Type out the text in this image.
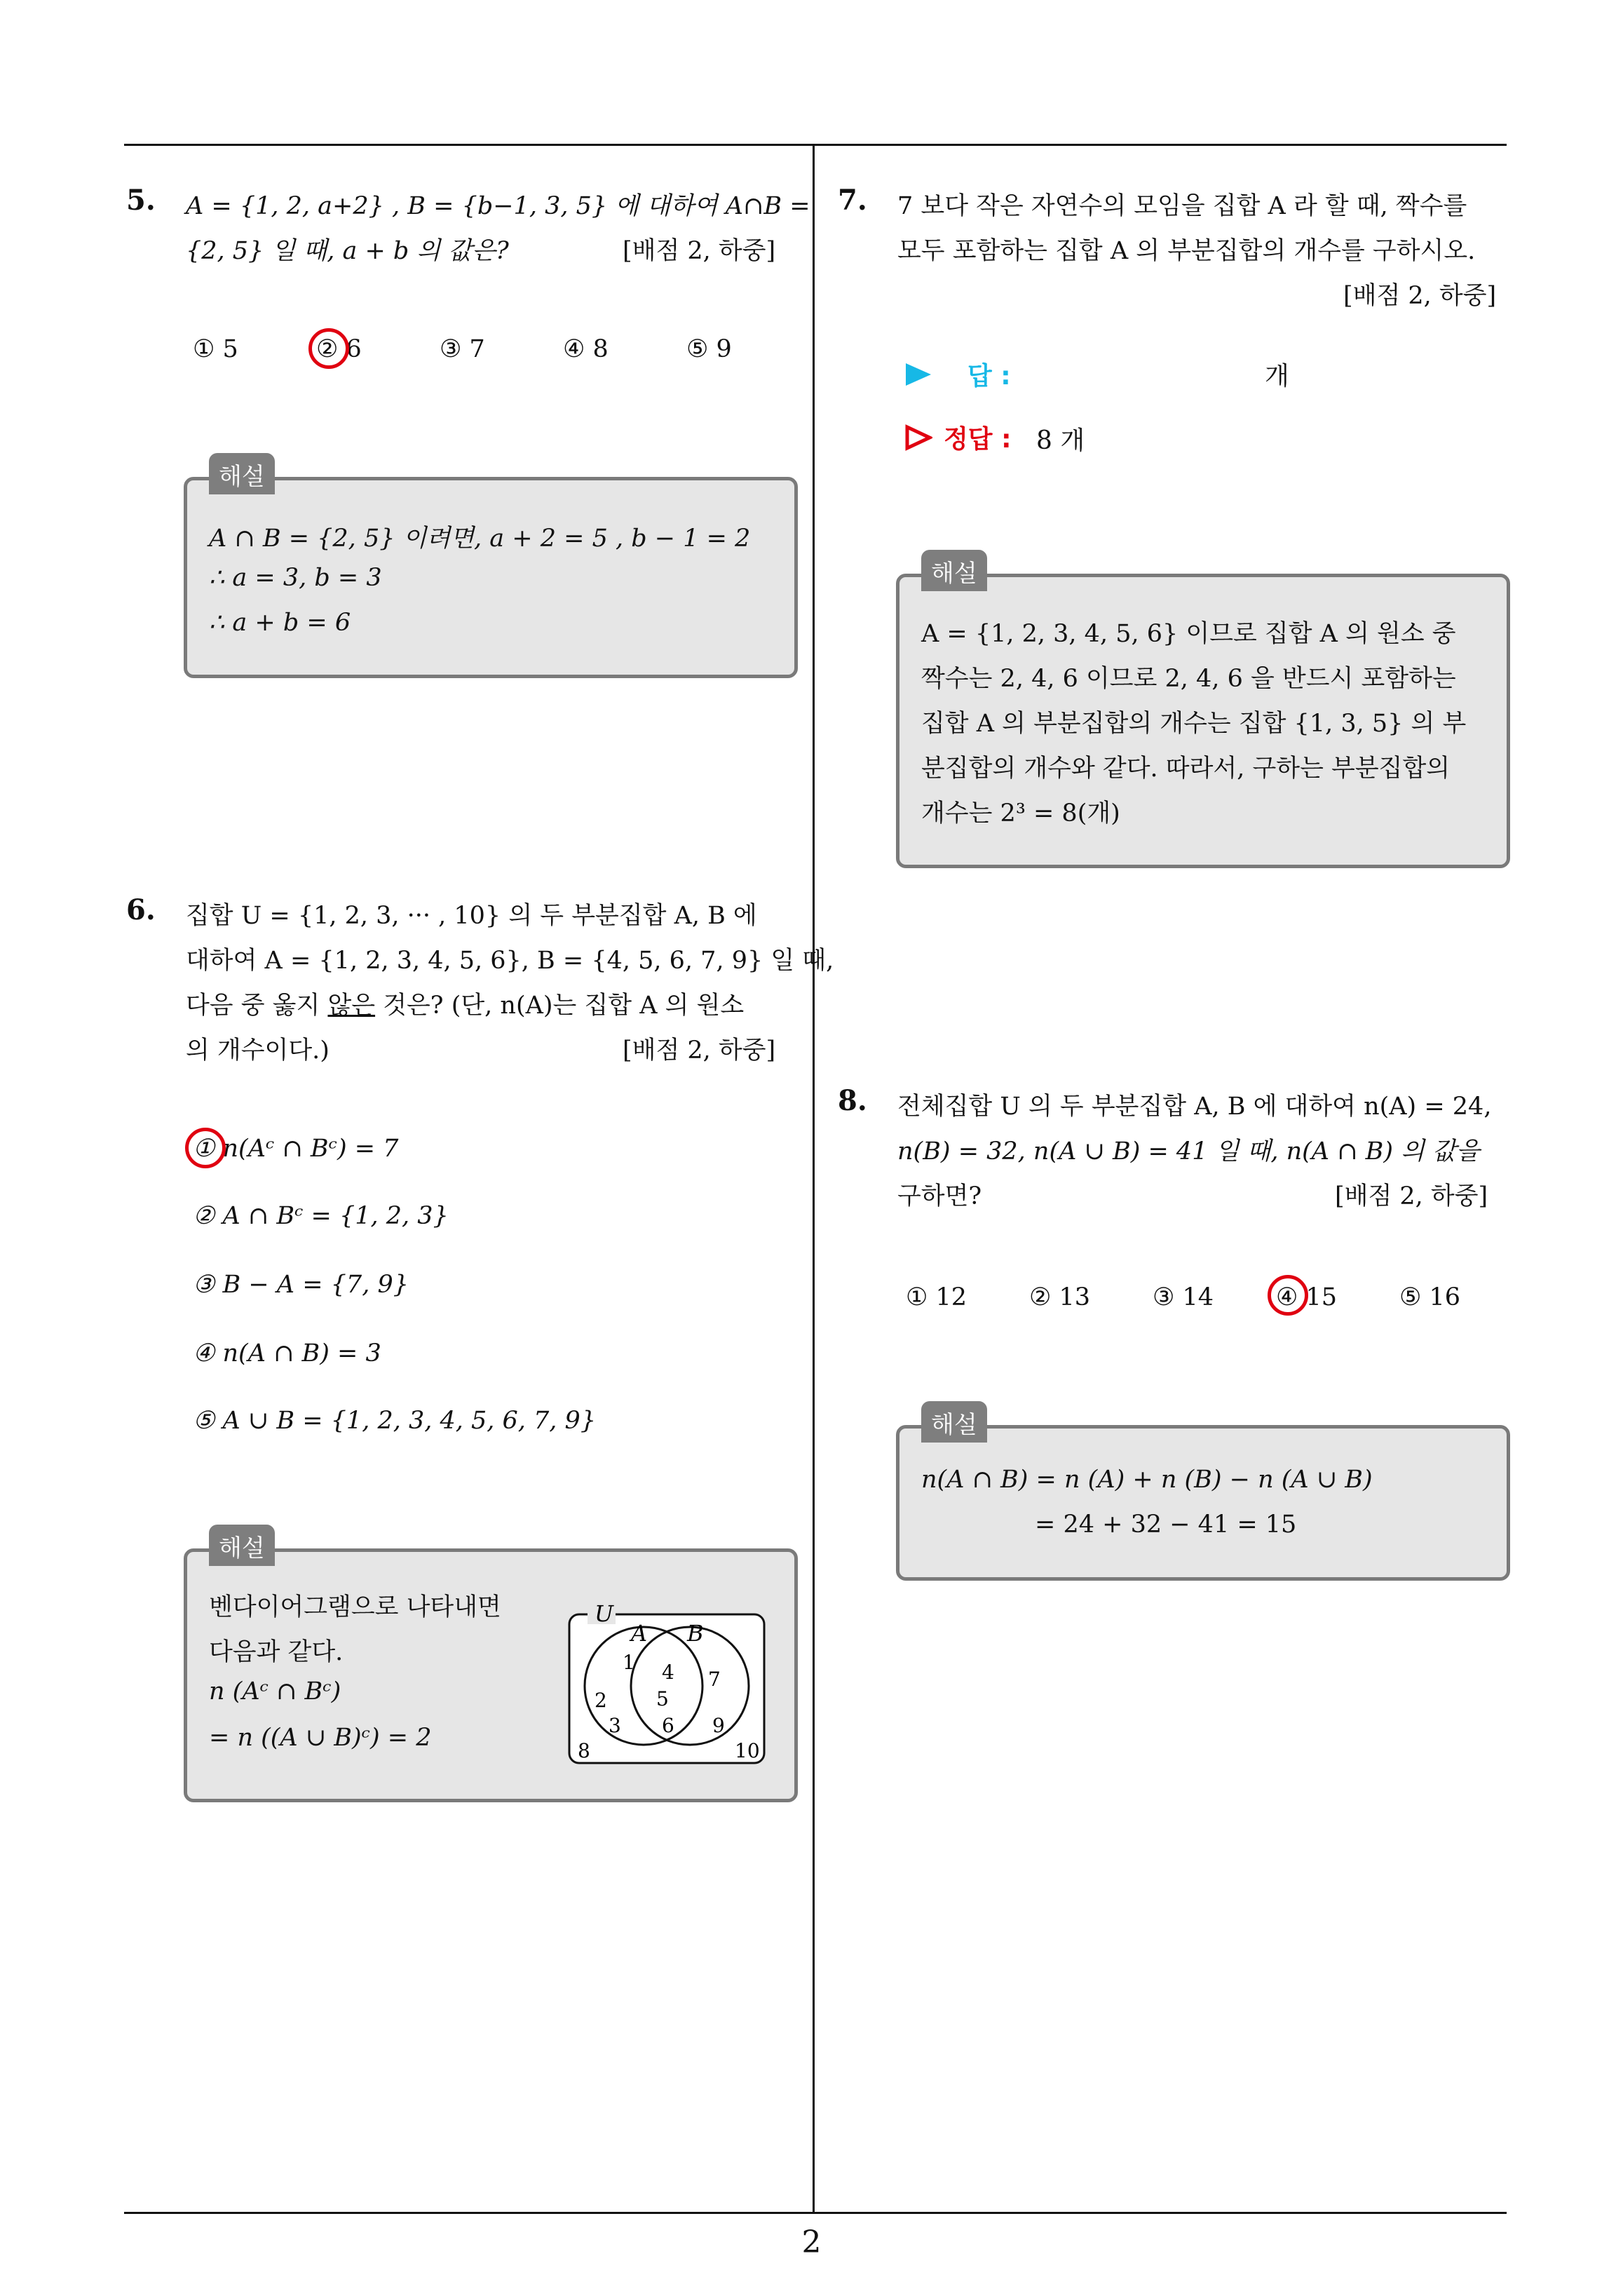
2
5. A = {1, 2, a+2} , B = {b−1, 3, 5} 에 대하여 A∩B =
{2, 5} 일 때, a + b 의 값은?	[배점 2, 하중]
① 5	② 6	③ 7	④ 8	⑤ 9
해설
A ∩ B = {2, 5} 이려면, a + 2 = 5 , b − 1 = 2
∴ a = 3, b = 3
∴ a + b = 6
6. 집합 U = {1, 2, 3, ··· , 10} 의 두 부분집합 A, B 에
대하여 A = {1, 2, 3, 4, 5, 6}, B = {4, 5, 6, 7, 9} 일 때,
다음 중 옳지 않은 것은? (단, n(A)는 집합 A 의 원소
의 개수이다.)	[배점 2, 하중]
① n(Aᶜ ∩ Bᶜ) = 7
② A ∩ Bᶜ = {1, 2, 3}
③ B − A = {7, 9}
④ n(A ∩ B) = 3
⑤ A ∪ B = {1, 2, 3, 4, 5, 6, 7, 9}
해설
벤다이어그램으로 나타내면
다음과 같다.
n (Aᶜ ∩ Bᶜ)
= n ((A ∪ B)ᶜ) = 2
U
A B
1
2
3
4
5
6
7
9
8	10
7. 7 보다 작은 자연수의 모임을 집합 A 라 할 때, 짝수를
모두 포함하는 집합 A 의 부분집합의 개수를 구하시오.
[배점 2, 하중]
답 :	개
정답 : 8 개
해설
A = {1, 2, 3, 4, 5, 6} 이므로 집합 A 의 원소 중
짝수는 2, 4, 6 이므로 2, 4, 6 을 반드시 포함하는
집합 A 의 부분집합의 개수는 집합 {1, 3, 5} 의 부
분집합의 개수와 같다. 따라서, 구하는 부분집합의
개수는 2³ = 8(개)
8. 전체집합 U 의 두 부분집합 A, B 에 대하여 n(A) = 24,
n(B) = 32, n(A ∪ B) = 41 일 때, n(A ∩ B) 의 값을
구하면?	[배점 2, 하중]
① 12	② 13	③ 14	④ 15	⑤ 16
해설
n(A ∩ B) = n (A) + n (B) − n (A ∪ B)
= 24 + 32 − 41 = 15
